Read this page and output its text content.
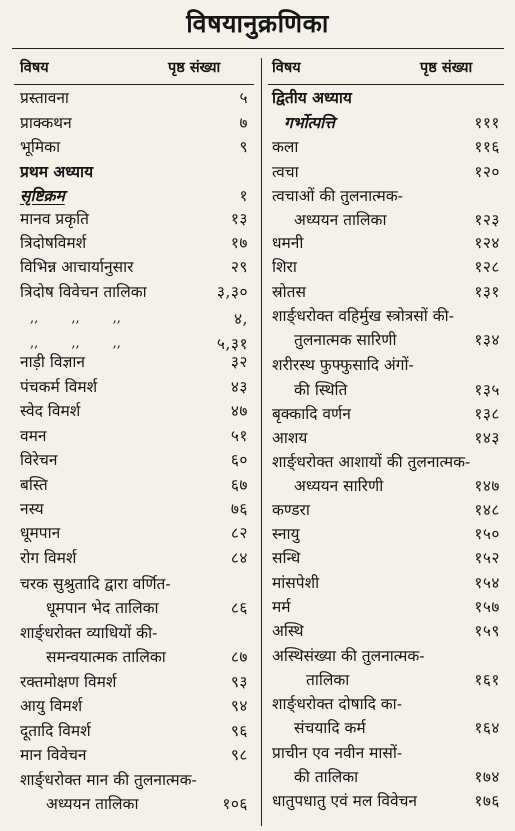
विषयानुक्रणिका
विषय	पृष्ठ संख्या	विषय	पृष्ठ संख्या
प्रस्तावना	५
प्राक्कथन	७
भूमिका	९
प्रथम अध्याय
सृष्टिक्रम	१
मानव प्रकृति	१३
त्रिदोषविमर्श	१७
विभिन्न आचार्यानुसार	२९
त्रिदोष विवेचन तालिका	३,३०
,,        ,,        ,,	४,
,,        ,,        ,,	५,३१
नाड़ी विज्ञान	३२
पंचकर्म विमर्श	४३
स्वेद विमर्श	४७
वमन	५१
विरेचन	६०
बस्ति	६७
नस्य	७६
धूमपान	८२
रोग विमर्श	८४
चरक सुश्रुतादि द्वारा वर्णित-
धूमपान भेद तालिका	८६
शार्ङ्धरोक्त व्याधियों की-
समन्वयात्मक तालिका	८७
रक्तमोक्षण विमर्श	९३
आयु विमर्श	९४
दूतादि विमर्श	९६
मान विवेचन	९८
शार्ङ्धरोक्त मान की तुलनात्मक-
अध्ययन तालिका	१०६
द्वितीय अध्याय
गर्भोत्पत्ति	१११
कला	११६
त्वचा	१२०
त्वचाओं की तुलनात्मक-
अध्ययन तालिका	१२३
धमनी	१२४
शिरा	१२८
स्रोतस	१३१
शार्ङ्धरोक्त वहिर्मुख स्त्रोत्रसों की-
तुलनात्मक सारिणी	१३४
शरीरस्थ फुफ्फुसादि अंगों-
की स्थिति	१३५
बृक्कादि वर्णन	१३८
आशय	१४३
शार्ङ्धरोक्त आशायों की तुलनात्मक-
अध्ययन सारिणी	१४७
कण्डरा	१४८
स्नायु	१५०
सन्धि	१५२
मांसपेशी	१५४
मर्म	१५७
अस्थि	१५९
अस्थिसंख्या की तुलनात्मक-
तालिका	१६१
शार्ङ्धरोक्त दोषादि का-
संचयादि कर्म	१६४
प्राचीन एव नवीन मासों-
की तालिका	१७४
धातुपधातु एवं मल विवेचन	१७६
